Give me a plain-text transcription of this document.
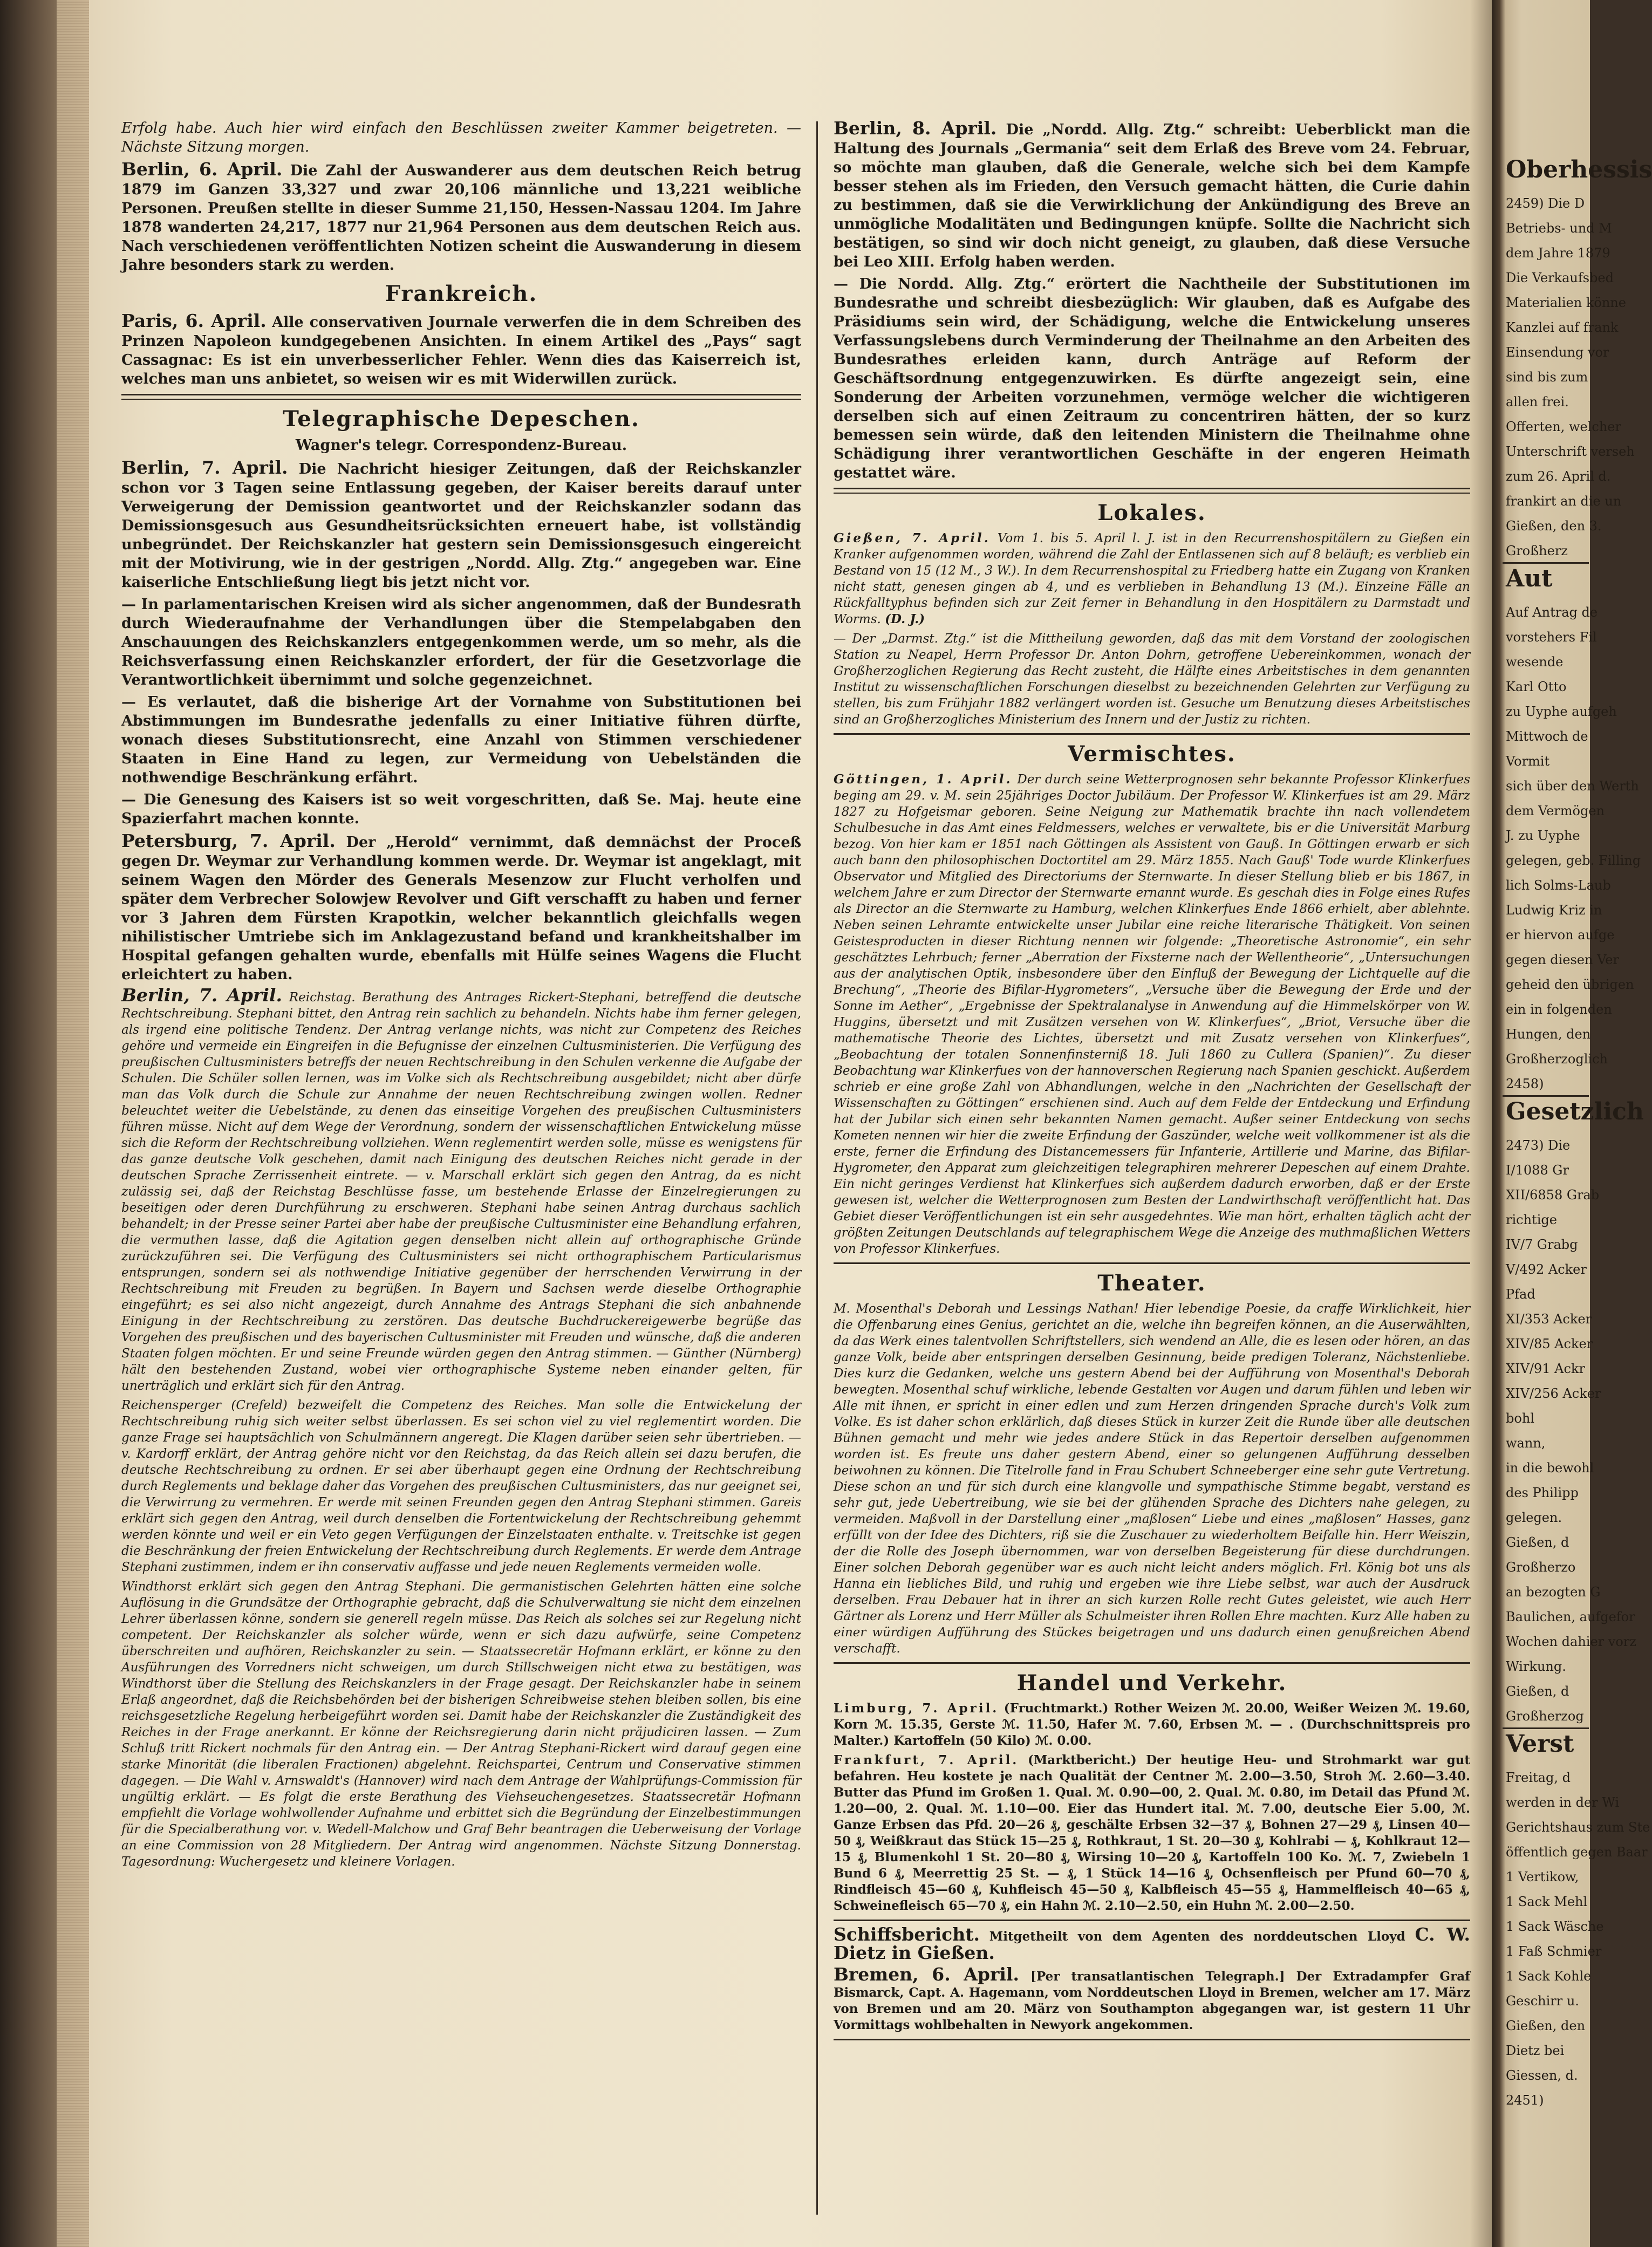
Erfolg habe. Auch hier wird einfach den Beschlüssen zweiter Kammer beigetreten. — Nächste Sitzung morgen.

Berlin, 6. April. Die Zahl der Auswanderer aus dem deutschen Reich betrug 1879 im Ganzen 33,327 und zwar 20,106 männliche und 13,221 weibliche Personen. Preußen stellte in dieser Summe 21,150, Hessen-Nassau 1204. Im Jahre 1878 wanderten 24,217, 1877 nur 21,964 Personen aus dem deutschen Reich aus. Nach verschiedenen veröffentlichten Notizen scheint die Auswanderung in diesem Jahre besonders stark zu werden.

Frankreich.

Paris, 6. April. Alle conservativen Journale verwerfen die in dem Schreiben des Prinzen Napoleon kundgegebenen Ansichten. In einem Artikel des „Pays“ sagt Cassagnac: Es ist ein unverbesserlicher Fehler. Wenn dies das Kaiserreich ist, welches man uns anbietet, so weisen wir es mit Widerwillen zurück.

Telegraphische Depeschen.
Wagner's telegr. Correspondenz-Bureau.

Berlin, 7. April. Die Nachricht hiesiger Zeitungen, daß der Reichskanzler schon vor 3 Tagen seine Entlassung gegeben, der Kaiser bereits darauf unter Verweigerung der Demission geantwortet und der Reichskanzler sodann das Demissionsgesuch aus Gesundheitsrücksichten erneuert habe, ist vollständig unbegründet. Der Reichskanzler hat gestern sein Demissionsgesuch eingereicht mit der Motivirung, wie in der gestrigen „Nordd. Allg. Ztg.“ angegeben war. Eine kaiserliche Entschließung liegt bis jetzt nicht vor.

— In parlamentarischen Kreisen wird als sicher angenommen, daß der Bundesrath durch Wiederaufnahme der Verhandlungen über die Stempelabgaben den Anschauungen des Reichskanzlers entgegenkommen werde, um so mehr, als die Reichsverfassung einen Reichskanzler erfordert, der für die Gesetzvorlage die Verantwortlichkeit übernimmt und solche gegenzeichnet.

— Es verlautet, daß die bisherige Art der Vornahme von Substitutionen bei Abstimmungen im Bundesrathe jedenfalls zu einer Initiative führen dürfte, wonach dieses Substitutionsrecht, eine Anzahl von Stimmen verschiedener Staaten in Eine Hand zu legen, zur Vermeidung von Uebelständen die nothwendige Beschränkung erfährt.

— Die Genesung des Kaisers ist so weit vorgeschritten, daß Se. Maj. heute eine Spazierfahrt machen konnte.

Petersburg, 7. April. Der „Herold“ vernimmt, daß demnächst der Proceß gegen Dr. Weymar zur Verhandlung kommen werde. Dr. Weymar ist angeklagt, mit seinem Wagen den Mörder des Generals Mesenzow zur Flucht verholfen und später dem Verbrecher Solowjew Revolver und Gift verschafft zu haben und ferner vor 3 Jahren dem Fürsten Krapotkin, welcher bekanntlich gleichfalls wegen nihilistischer Umtriebe sich im Anklagezustand befand und krankheitshalber im Hospital gefangen gehalten wurde, ebenfalls mit Hülfe seines Wagens die Flucht erleichtert zu haben.

Berlin, 7. April. Reichstag. Berathung des Antrages Rickert-Stephani, betreffend die deutsche Rechtschreibung. Stephani bittet, den Antrag rein sachlich zu behandeln. Nichts habe ihm ferner gelegen, als irgend eine politische Tendenz. Der Antrag verlange nichts, was nicht zur Competenz des Reiches gehöre und vermeide ein Eingreifen in die Befugnisse der einzelnen Cultusministerien. Die Verfügung des preußischen Cultusministers betreffs der neuen Rechtschreibung in den Schulen verkenne die Aufgabe der Schulen. Die Schüler sollen lernen, was im Volke sich als Rechtschreibung ausgebildet; nicht aber dürfe man das Volk durch die Schule zur Annahme der neuen Rechtschreibung zwingen wollen. Redner beleuchtet weiter die Uebelstände, zu denen das einseitige Vorgehen des preußischen Cultusministers führen müsse. Nicht auf dem Wege der Verordnung, sondern der wissenschaftlichen Entwickelung müsse sich die Reform der Rechtschreibung vollziehen. Wenn reglementirt werden solle, müsse es wenigstens für das ganze deutsche Volk geschehen, damit nach Einigung des deutschen Reiches nicht gerade in der deutschen Sprache Zerrissenheit eintrete. — v. Marschall erklärt sich gegen den Antrag, da es nicht zulässig sei, daß der Reichstag Beschlüsse fasse, um bestehende Erlasse der Einzelregierungen zu beseitigen oder deren Durchführung zu erschweren. Stephani habe seinen Antrag durchaus sachlich behandelt; in der Presse seiner Partei aber habe der preußische Cultusminister eine Behandlung erfahren, die vermuthen lasse, daß die Agitation gegen denselben nicht allein auf orthographische Gründe zurückzuführen sei. Die Verfügung des Cultusministers sei nicht orthographischem Particularismus entsprungen, sondern sei als nothwendige Initiative gegenüber der herrschenden Verwirrung in der Rechtschreibung mit Freuden zu begrüßen. In Bayern und Sachsen werde dieselbe Orthographie eingeführt; es sei also nicht angezeigt, durch Annahme des Antrags Stephani die sich anbahnende Einigung in der Rechtschreibung zu zerstören. Das deutsche Buchdruckereigewerbe begrüße das Vorgehen des preußischen und des bayerischen Cultusminister mit Freuden und wünsche, daß die anderen Staaten folgen möchten. Er und seine Freunde würden gegen den Antrag stimmen. — Günther (Nürnberg) hält den bestehenden Zustand, wobei vier orthographische Systeme neben einander gelten, für unerträglich und erklärt sich für den Antrag.

Reichensperger (Crefeld) bezweifelt die Competenz des Reiches. Man solle die Entwickelung der Rechtschreibung ruhig sich weiter selbst überlassen. Es sei schon viel zu viel reglementirt worden. Die ganze Frage sei hauptsächlich von Schulmännern angeregt. Die Klagen darüber seien sehr übertrieben. — v. Kardorff erklärt, der Antrag gehöre nicht vor den Reichstag, da das Reich allein sei dazu berufen, die deutsche Rechtschreibung zu ordnen. Er sei aber überhaupt gegen eine Ordnung der Rechtschreibung durch Reglements und beklage daher das Vorgehen des preußischen Cultusministers, das nur geeignet sei, die Verwirrung zu vermehren. Er werde mit seinen Freunden gegen den Antrag Stephani stimmen. Gareis erklärt sich gegen den Antrag, weil durch denselben die Fortentwickelung der Rechtschreibung gehemmt werden könnte und weil er ein Veto gegen Verfügungen der Einzelstaaten enthalte. v. Treitschke ist gegen die Beschränkung der freien Entwickelung der Rechtschreibung durch Reglements. Er werde dem Antrage Stephani zustimmen, indem er ihn conservativ auffasse und jede neuen Reglements vermeiden wolle.

Windthorst erklärt sich gegen den Antrag Stephani. Die germanistischen Gelehrten hätten eine solche Auflösung in die Grundsätze der Orthographie gebracht, daß die Schulverwaltung sie nicht dem einzelnen Lehrer überlassen könne, sondern sie generell regeln müsse. Das Reich als solches sei zur Regelung nicht competent. Der Reichskanzler als solcher würde, wenn er sich dazu aufwürfe, seine Competenz überschreiten und aufhören, Reichskanzler zu sein. — Staatssecretär Hofmann erklärt, er könne zu den Ausführungen des Vorredners nicht schweigen, um durch Stillschweigen nicht etwa zu bestätigen, was Windthorst über die Stellung des Reichskanzlers in der Frage gesagt. Der Reichskanzler habe in seinem Erlaß angeordnet, daß die Reichsbehörden bei der bisherigen Schreibweise stehen bleiben sollen, bis eine reichsgesetzliche Regelung herbeigeführt worden sei. Damit habe der Reichskanzler die Zuständigkeit des Reiches in der Frage anerkannt. Er könne der Reichsregierung darin nicht präjudiciren lassen. — Zum Schluß tritt Rickert nochmals für den Antrag ein. — Der Antrag Stephani-Rickert wird darauf gegen eine starke Minorität (die liberalen Fractionen) abgelehnt. Reichspartei, Centrum und Conservative stimmen dagegen. — Die Wahl v. Arnswaldt's (Hannover) wird nach dem Antrage der Wahlprüfungs-Commission für ungültig erklärt. — Es folgt die erste Berathung des Viehseuchengesetzes. Staatssecretär Hofmann empfiehlt die Vorlage wohlwollender Aufnahme und erbittet sich die Begründung der Einzelbestimmungen für die Specialberathung vor. v. Wedell-Malchow und Graf Behr beantragen die Ueberweisung der Vorlage an eine Commission von 28 Mitgliedern. Der Antrag wird angenommen. Nächste Sitzung Donnerstag. Tagesordnung: Wuchergesetz und kleinere Vorlagen.

Berlin, 8. April. Die „Nordd. Allg. Ztg.“ schreibt: Ueberblickt man die Haltung des Journals „Germania“ seit dem Erlaß des Breve vom 24. Februar, so möchte man glauben, daß die Generale, welche sich bei dem Kampfe besser stehen als im Frieden, den Versuch gemacht hätten, die Curie dahin zu bestimmen, daß sie die Verwirklichung der Ankündigung des Breve an unmögliche Modalitäten und Bedingungen knüpfe. Sollte die Nachricht sich bestätigen, so sind wir doch nicht geneigt, zu glauben, daß diese Versuche bei Leo XIII. Erfolg haben werden.

— Die Nordd. Allg. Ztg.“ erörtert die Nachtheile der Substitutionen im Bundesrathe und schreibt diesbezüglich: Wir glauben, daß es Aufgabe des Präsidiums sein wird, der Schädigung, welche die Entwickelung unseres Verfassungslebens durch Verminderung der Theilnahme an den Arbeiten des Bundesrathes erleiden kann, durch Anträge auf Reform der Geschäftsordnung entgegenzuwirken. Es dürfte angezeigt sein, eine Sonderung der Arbeiten vorzunehmen, vermöge welcher die wichtigeren derselben sich auf einen Zeitraum zu concentriren hätten, der so kurz bemessen sein würde, daß den leitenden Ministern die Theilnahme ohne Schädigung ihrer verantwortlichen Geschäfte in der engeren Heimath gestattet wäre.

Lokales.

Gießen, 7. April. Vom 1. bis 5. April l. J. ist in den Recurrenshospitälern zu Gießen ein Kranker aufgenommen worden, während die Zahl der Entlassenen sich auf 8 beläuft; es verblieb ein Bestand von 15 (12 M., 3 W.). In dem Recurrenshospital zu Friedberg hatte ein Zugang von Kranken nicht statt, genesen gingen ab 4, und es verblieben in Behandlung 13 (M.). Einzeine Fälle an Rückfalltyphus befinden sich zur Zeit ferner in Behandlung in den Hospitälern zu Darmstadt und Worms. (D. J.)

— Der „Darmst. Ztg.“ ist die Mittheilung geworden, daß das mit dem Vorstand der zoologischen Station zu Neapel, Herrn Professor Dr. Anton Dohrn, getroffene Uebereinkommen, wonach der Großherzoglichen Regierung das Recht zusteht, die Hälfte eines Arbeitstisches in dem genannten Institut zu wissenschaftlichen Forschungen dieselbst zu bezeichnenden Gelehrten zur Verfügung zu stellen, bis zum Frühjahr 1882 verlängert worden ist. Gesuche um Benutzung dieses Arbeitstisches sind an Großherzogliches Ministerium des Innern und der Justiz zu richten.

Vermischtes.

Göttingen, 1. April. Der durch seine Wetterprognosen sehr bekannte Professor Klinkerfues beging am 29. v. M. sein 25jähriges Doctor Jubiläum. Der Professor W. Klinkerfues ist am 29. März 1827 zu Hofgeismar geboren. Seine Neigung zur Mathematik brachte ihn nach vollendetem Schulbesuche in das Amt eines Feldmessers, welches er verwaltete, bis er die Universität Marburg bezog. Von hier kam er 1851 nach Göttingen als Assistent von Gauß. In Göttingen erwarb er sich auch bann den philosophischen Doctortitel am 29. März 1855. Nach Gauß' Tode wurde Klinkerfues Observator und Mitglied des Directoriums der Sternwarte. In dieser Stellung blieb er bis 1867, in welchem Jahre er zum Director der Sternwarte ernannt wurde. Es geschah dies in Folge eines Rufes als Director an die Sternwarte zu Hamburg, welchen Klinkerfues Ende 1866 erhielt, aber ablehnte. Neben seinen Lehramte entwickelte unser Jubilar eine reiche literarische Thätigkeit. Von seinen Geistesproducten in dieser Richtung nennen wir folgende: „Theoretische Astronomie“, ein sehr geschätztes Lehrbuch; ferner „Aberration der Fixsterne nach der Wellentheorie“, „Untersuchungen aus der analytischen Optik, insbesondere über den Einfluß der Bewegung der Lichtquelle auf die Brechung“, „Theorie des Bifilar-Hygrometers“, „Versuche über die Bewegung der Erde und der Sonne im Aether“, „Ergebnisse der Spektralanalyse in Anwendung auf die Himmelskörper von W. Huggins, übersetzt und mit Zusätzen versehen von W. Klinkerfues“, „Briot, Versuche über die mathematische Theorie des Lichtes, übersetzt und mit Zusatz versehen von Klinkerfues“, „Beobachtung der totalen Sonnenfinsterniß 18. Juli 1860 zu Cullera (Spanien)“. Zu dieser Beobachtung war Klinkerfues von der hannoverschen Regierung nach Spanien geschickt. Außerdem schrieb er eine große Zahl von Abhandlungen, welche in den „Nachrichten der Gesellschaft der Wissenschaften zu Göttingen“ erschienen sind. Auch auf dem Felde der Entdeckung und Erfindung hat der Jubilar sich einen sehr bekannten Namen gemacht. Außer seiner Entdeckung von sechs Kometen nennen wir hier die zweite Erfindung der Gaszünder, welche weit vollkommener ist als die erste, ferner die Erfindung des Distancemessers für Infanterie, Artillerie und Marine, das Bifilar-Hygrometer, den Apparat zum gleichzeitigen telegraphiren mehrerer Depeschen auf einem Drahte. Ein nicht geringes Verdienst hat Klinkerfues sich außerdem dadurch erworben, daß er der Erste gewesen ist, welcher die Wetterprognosen zum Besten der Landwirthschaft veröffentlicht hat. Das Gebiet dieser Veröffentlichungen ist ein sehr ausgedehntes. Wie man hört, erhalten täglich acht der größten Zeitungen Deutschlands auf telegraphischem Wege die Anzeige des muthmaßlichen Wetters von Professor Klinkerfues.

Theater.

M. Mosenthal's Deborah und Lessings Nathan! Hier lebendige Poesie, da craffe Wirklichkeit, hier die Offenbarung eines Genius, gerichtet an die, welche ihn begreifen können, an die Auserwählten, da das Werk eines talentvollen Schriftstellers, sich wendend an Alle, die es lesen oder hören, an das ganze Volk, beide aber entspringen derselben Gesinnung, beide predigen Toleranz, Nächstenliebe. Dies kurz die Gedanken, welche uns gestern Abend bei der Aufführung von Mosenthal's Deborah bewegten. Mosenthal schuf wirkliche, lebende Gestalten vor Augen und darum fühlen und leben wir Alle mit ihnen, er spricht in einer edlen und zum Herzen dringenden Sprache durch's Volk zum Volke. Es ist daher schon erklärlich, daß dieses Stück in kurzer Zeit die Runde über alle deutschen Bühnen gemacht und mehr wie jedes andere Stück in das Repertoir derselben aufgenommen worden ist. Es freute uns daher gestern Abend, einer so gelungenen Aufführung desselben beiwohnen zu können. Die Titelrolle fand in Frau Schubert Schneeberger eine sehr gute Vertretung. Diese schon an und für sich durch eine klangvolle und sympathische Stimme begabt, verstand es sehr gut, jede Uebertreibung, wie sie bei der glühenden Sprache des Dichters nahe gelegen, zu vermeiden. Maßvoll in der Darstellung einer „maßlosen“ Liebe und eines „maßlosen“ Hasses, ganz erfüllt von der Idee des Dichters, riß sie die Zuschauer zu wiederholtem Beifalle hin. Herr Weiszin, der die Rolle des Joseph übernommen, war von derselben Begeisterung für diese durchdrungen. Einer solchen Deborah gegenüber war es auch nicht leicht anders möglich. Frl. König bot uns als Hanna ein liebliches Bild, und ruhig und ergeben wie ihre Liebe selbst, war auch der Ausdruck derselben. Frau Debauer hat in ihrer an sich kurzen Rolle recht Gutes geleistet, wie auch Herr Gärtner als Lorenz und Herr Müller als Schulmeister ihren Rollen Ehre machten. Kurz Alle haben zu einer würdigen Aufführung des Stückes beigetragen und uns dadurch einen genußreichen Abend verschafft.

Handel und Verkehr.

Limburg, 7. April. (Fruchtmarkt.) Rother Weizen ℳ. 20.00, Weißer Weizen ℳ. 19.60, Korn ℳ. 15.35, Gerste ℳ. 11.50, Hafer ℳ. 7.60, Erbsen ℳ. — . (Durchschnittspreis pro Malter.) Kartoffeln (50 Kilo) ℳ. 0.00.

Frankfurt, 7. April. (Marktbericht.) Der heutige Heu- und Strohmarkt war gut befahren. Heu kostete je nach Qualität der Centner ℳ. 2.00—3.50, Stroh ℳ. 2.60—3.40. Butter das Pfund im Großen 1. Qual. ℳ. 0.90—00, 2. Qual. ℳ. 0.80, im Detail das Pfund ℳ. 1.20—00, 2. Qual. ℳ. 1.10—00. Eier das Hundert ital. ℳ. 7.00, deutsche Eier 5.00, ℳ. Ganze Erbsen das Pfd. 20—26 ₰, geschälte Erbsen 32—37 ₰, Bohnen 27—29 ₰, Linsen 40—50 ₰, Weißkraut das Stück 15—25 ₰, Rothkraut, 1 St. 20—30 ₰, Kohlrabi — ₰, Kohlkraut 12—15 ₰, Blumenkohl 1 St. 20—80 ₰, Wirsing 10—20 ₰, Kartoffeln 100 Ko. ℳ. 7, Zwiebeln 1 Bund 6 ₰, Meerrettig 25 St. — ₰, 1 Stück 14—16 ₰, Ochsenfleisch per Pfund 60—70 ₰, Rindfleisch 45—60 ₰, Kuhfleisch 45—50 ₰, Kalbfleisch 45—55 ₰, Hammelfleisch 40—65 ₰, Schweinefleisch 65—70 ₰, ein Hahn ℳ. 2.10—2.50, ein Huhn ℳ. 2.00—2.50.

Schiffsbericht. Mitgetheilt von dem Agenten des norddeutschen Lloyd C. W. Dietz in Gießen.

Bremen, 6. April. [Per transatlantischen Telegraph.] Der Extradampfer Graf Bismarck, Capt. A. Hagemann, vom Norddeutschen Lloyd in Bremen, welcher am 17. März von Bremen und am 20. März von Southampton abgegangen war, ist gestern 11 Uhr Vormittags wohlbehalten in Newyork angekommen.

Oberhessis
2459) Die D
Betriebs- und M
dem Jahre 1879
Die Verkaufsbed
Materialien könne
Kanzlei auf frank
Einsendung vor
sind bis zum
allen frei.
Offerten, welcher
Unterschrift verseh
zum 26. April d.
frankirt an die un
Gießen, den 3.
Großherz
Aut
Auf Antrag de
vorstehers Fil
wesende
Karl Otto
zu Uyphe aufgeh
Mittwoch de
Vormit
sich über den Werth
dem Vermögen
J. zu Uyphe
gelegen, geb. Filling
lich Solms-Laub
Ludwig Kriz in
er hiervon aufge
gegen diesen Ver
geheid den übrigen
ein in folgenden
Hungen, den
Großherzoglich
2458)
Gesetzlich
2473) Die
I/1088 Gr
XII/6858 Grab
richtige
IV/7 Grabg
V/492 Acker
Pfad
XI/353 Acker
XIV/85 Acker
XIV/91 Ackr
XIV/256 Acker
bohl
wann,
in die bewohl
des Philipp
gelegen.
Gießen, d
Großherzo
an bezogten G
Baulichen, aufgefor
Wochen dahier vorz
Wirkung.
Gießen, d
Großherzog
Verst
Freitag, d
werden in der Wi
Gerichtshaus zum Ste
öffentlich gegen Baar
1 Vertikow,
1 Sack Mehl
1 Sack Wäsche
1 Faß Schmier
1 Sack Kohle
Geschirr u.
Gießen, den
Dietz bei
Giessen, d.
2451)
